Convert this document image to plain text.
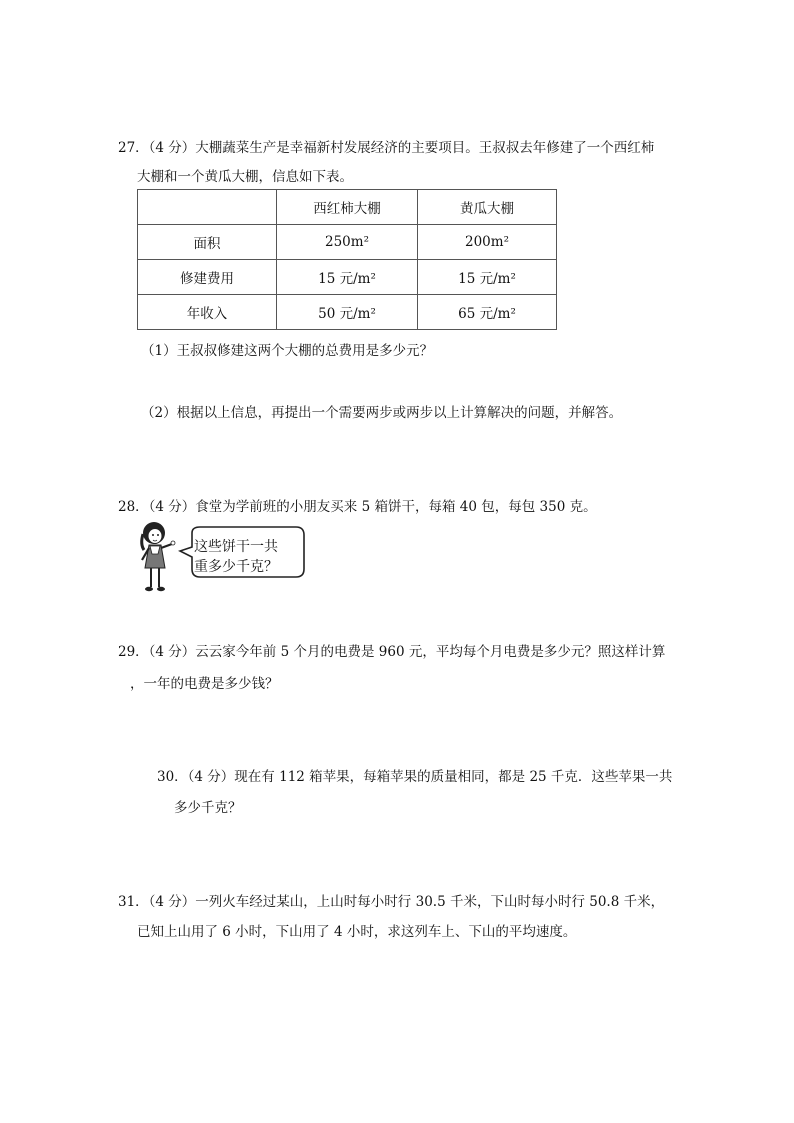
27．（4 分）大棚蔬菜生产是幸福新村发展经济的主要项目。王叔叔去年修建了一个西红柿
大棚和一个黄瓜大棚，信息如下表。
	西红柿大棚	黄瓜大棚
面积	250m²	200m²
修建费用	15 元/m²	15 元/m²
年收入	50 元/m²	65 元/m²
（1）王叔叔修建这两个大棚的总费用是多少元？
（2）根据以上信息，再提出一个需要两步或两步以上计算解决的问题，并解答。
28．（4 分）食堂为学前班的小朋友买来 5 箱饼干，每箱 40 包，每包 350 克。
这些饼干一共
重多少千克？
29．（4 分）云云家今年前 5 个月的电费是 960 元，平均每个月电费是多少元？照这样计算
，一年的电费是多少钱？
30．（4 分）现在有 112 箱苹果，每箱苹果的质量相同，都是 25 千克．这些苹果一共
多少千克？
31．（4 分）一列火车经过某山，上山时每小时行 30.5 千米，下山时每小时行 50.8 千米，
已知上山用了 6 小时，下山用了 4 小时，求这列车上、下山的平均速度。
